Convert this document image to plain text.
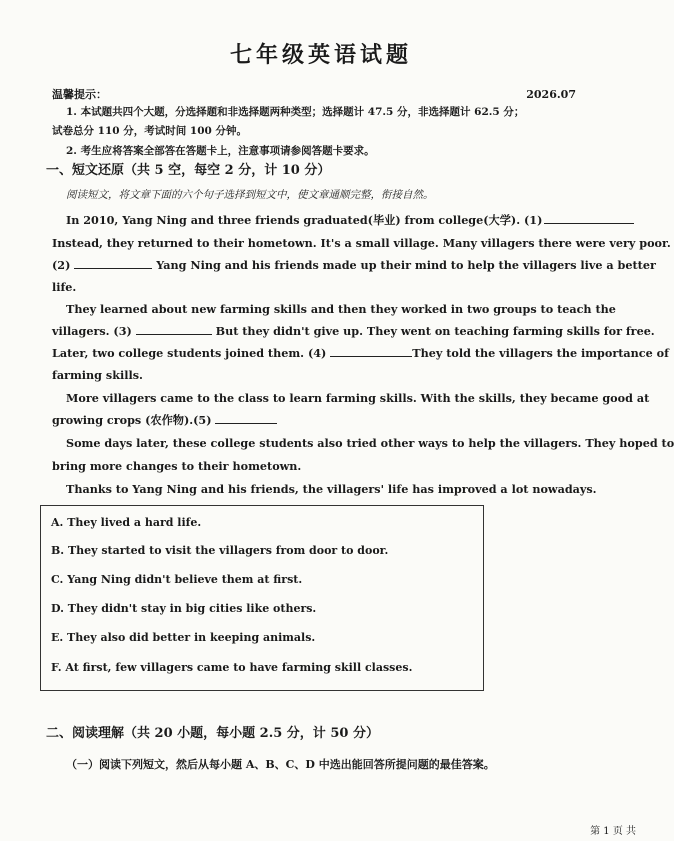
七年级英语试题
温馨提示：	2026.07
1. 本试题共四个大题，分选择题和非选择题两种类型；选择题计 47.5 分，非选择题计 62.5 分；
试卷总分 110 分，考试时间 100 分钟。
2. 考生应将答案全部答在答题卡上，注意事项请参阅答题卡要求。
一、短文还原（共 5 空，每空 2 分，计 10 分）
阅读短文，将文章下面的六个句子选择到短文中，使文章通顺完整，衔接自然。
In 2010, Yang Ning and three friends graduated(毕业) from college(大学). (1)
Instead, they returned to their hometown. It's a small village. Many villagers there were very poor.
(2)	Yang Ning and his friends made up their mind to help the villagers live a better
life.
They learned about new farming skills and then they worked in two groups to teach the
villagers. (3)	But they didn't give up. They went on teaching farming skills for free.
Later, two college students joined them. (4)	They told the villagers the importance of
farming skills.
More villagers came to the class to learn farming skills. With the skills, they became good at
growing crops (农作物).(5)
Some days later, these college students also tried other ways to help the villagers. They hoped to
bring more changes to their hometown.
Thanks to Yang Ning and his friends, the villagers' life has improved a lot nowadays.
A. They lived a hard life.
B. They started to visit the villagers from door to door.
C. Yang Ning didn't believe them at first.
D. They didn't stay in big cities like others.
E. They also did better in keeping animals.
F. At first, few villagers came to have farming skill classes.
二、阅读理解（共 20 小题，每小题 2.5 分，计 50 分）
（一）阅读下列短文，然后从每小题 A、B、C、D 中选出能回答所提问题的最佳答案。
第 1 页 共
